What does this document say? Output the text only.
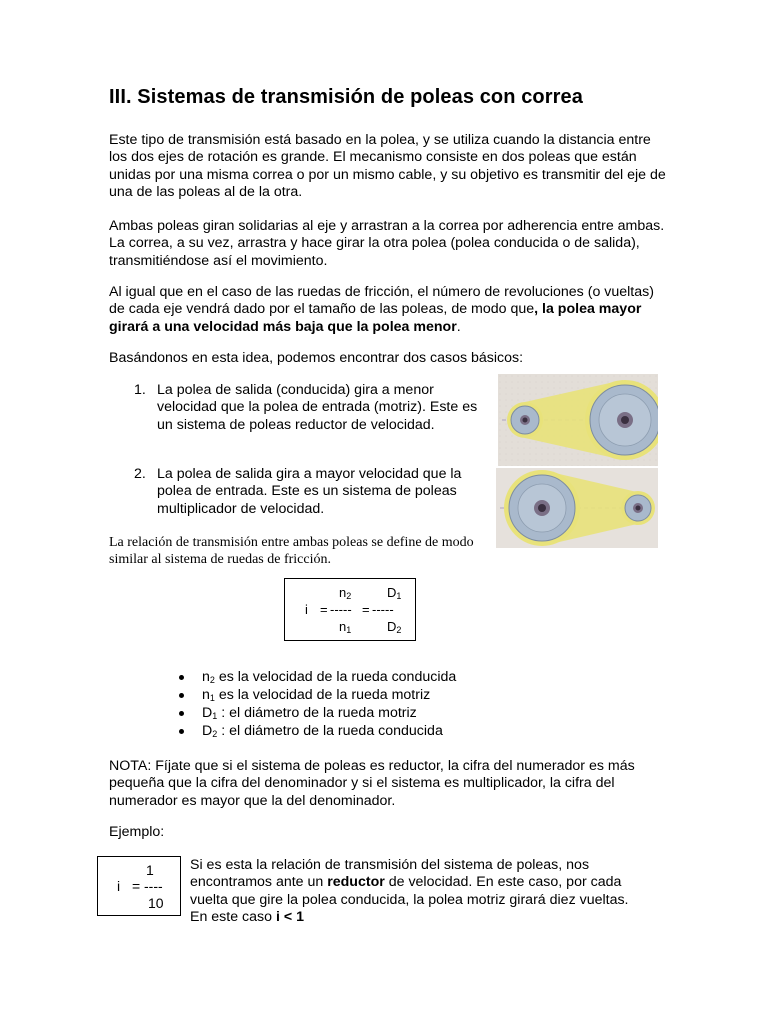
III. Sistemas de transmisión de poleas con correa

Este tipo de transmisión está basado en la polea, y se utiliza cuando la distancia entre los dos ejes de rotación es grande. El mecanismo consiste en dos poleas que están unidas por una misma correa o por un mismo cable, y su objetivo es transmitir del eje de una de las poleas al de la otra.

Ambas poleas giran solidarias al eje y arrastran a la correa por adherencia entre ambas. La correa, a su vez, arrastra y hace girar la otra polea (polea conducida o de salida), transmitiéndose así el movimiento.

Al igual que en el caso de las ruedas de fricción, el número de revoluciones (o vueltas) de cada eje vendrá dado por el tamaño de las poleas, de modo que, la polea mayor girará a una velocidad más baja que la polea menor.

Basándonos en esta idea, podemos encontrar dos casos básicos:

1. La polea de salida (conducida) gira a menor velocidad que la polea de entrada (motriz). Este es un sistema de poleas reductor de velocidad.
2. La polea de salida gira a mayor velocidad que la polea de entrada. Este es un sistema de poleas multiplicador de velocidad.

La relación de transmisión entre ambas poleas se define de modo similar al sistema de ruedas de fricción.

$n_2$	$D_1$
i = ----- = -----
$n_1$	$D_2$
$n_2$ es la velocidad de la rueda conducida
$n_1$ es la velocidad de la rueda motriz
$D_1$ : el diámetro de la rueda motriz
$D_2$ : el diámetro de la rueda conducida

NOTA: Fíjate que si el sistema de poleas es reductor, la cifra del numerador es más pequeña que la cifra del denominador y si el sistema es multiplicador, la cifra del numerador es mayor que la del denominador.

Ejemplo:

1
i = ----
10

Si es esta la relación de transmisión del sistema de poleas, nos encontramos ante un reductor de velocidad. En este caso, por cada vuelta que gire la polea conducida, la polea motriz girará diez vueltas. En este caso i < 1
